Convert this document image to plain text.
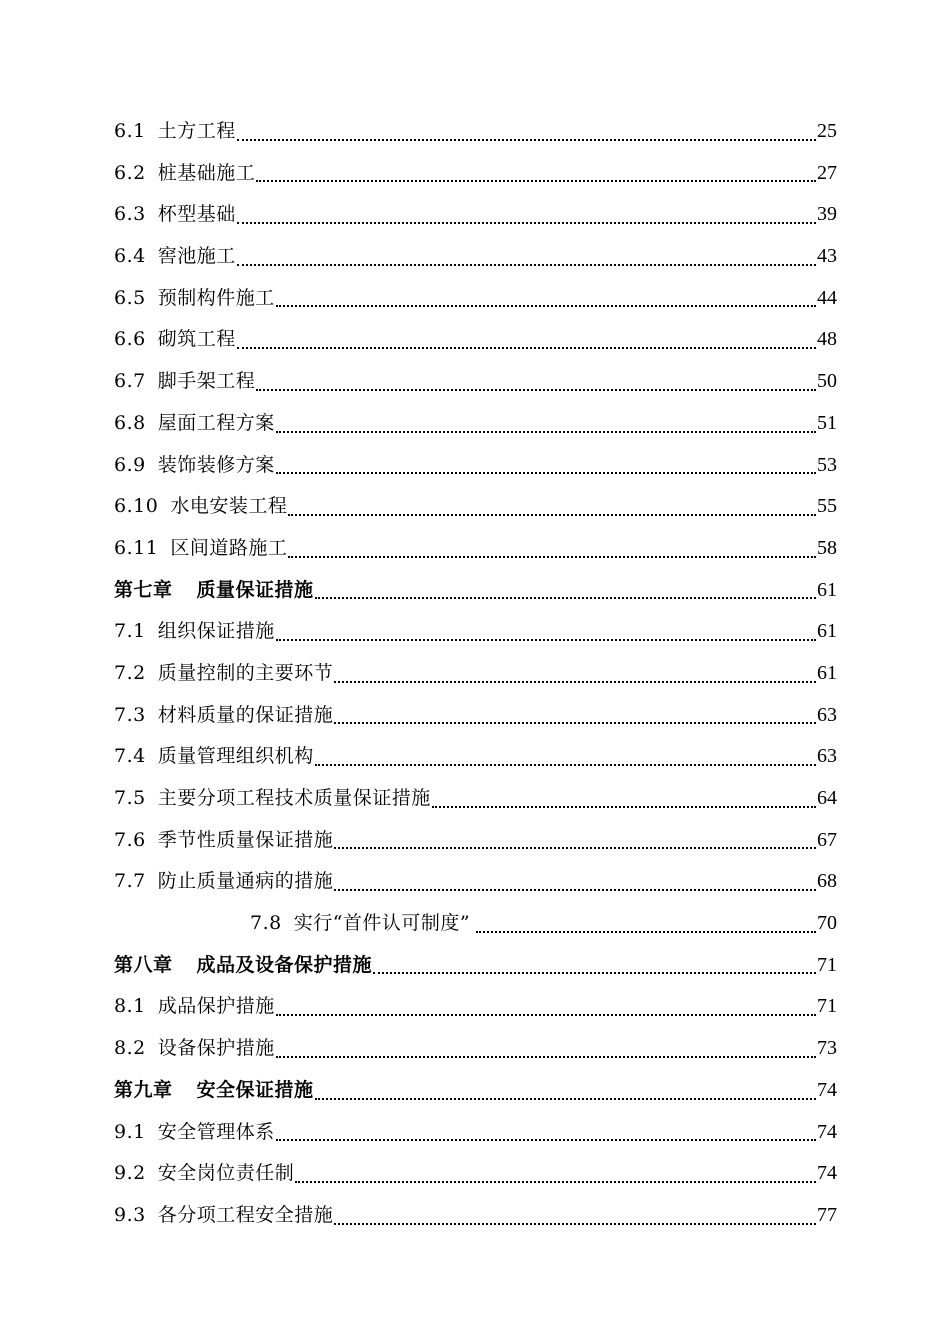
6.1 土方工程	25
6.2 桩基础施工	27
6.3 杯型基础	39
6.4 窖池施工	43
6.5 预制构件施工	44
6.6 砌筑工程	48
6.7 脚手架工程	50
6.8 屋面工程方案	51
6.9 装饰装修方案	53
6.10 水电安装工程	55
6.11 区间道路施工	58
第七章 质量保证措施	61
7.1 组织保证措施	61
7.2 质量控制的主要环节	61
7.3 材料质量的保证措施	63
7.4 质量管理组织机构	63
7.5 主要分项工程技术质量保证措施	64
7.6 季节性质量保证措施	67
7.7 防止质量通病的措施	68
7.8 实行“首件认可制度”	70
第八章 成品及设备保护措施	71
8.1 成品保护措施	71
8.2 设备保护措施	73
第九章 安全保证措施	74
9.1 安全管理体系	74
9.2 安全岗位责任制	74
9.3 各分项工程安全措施	77
